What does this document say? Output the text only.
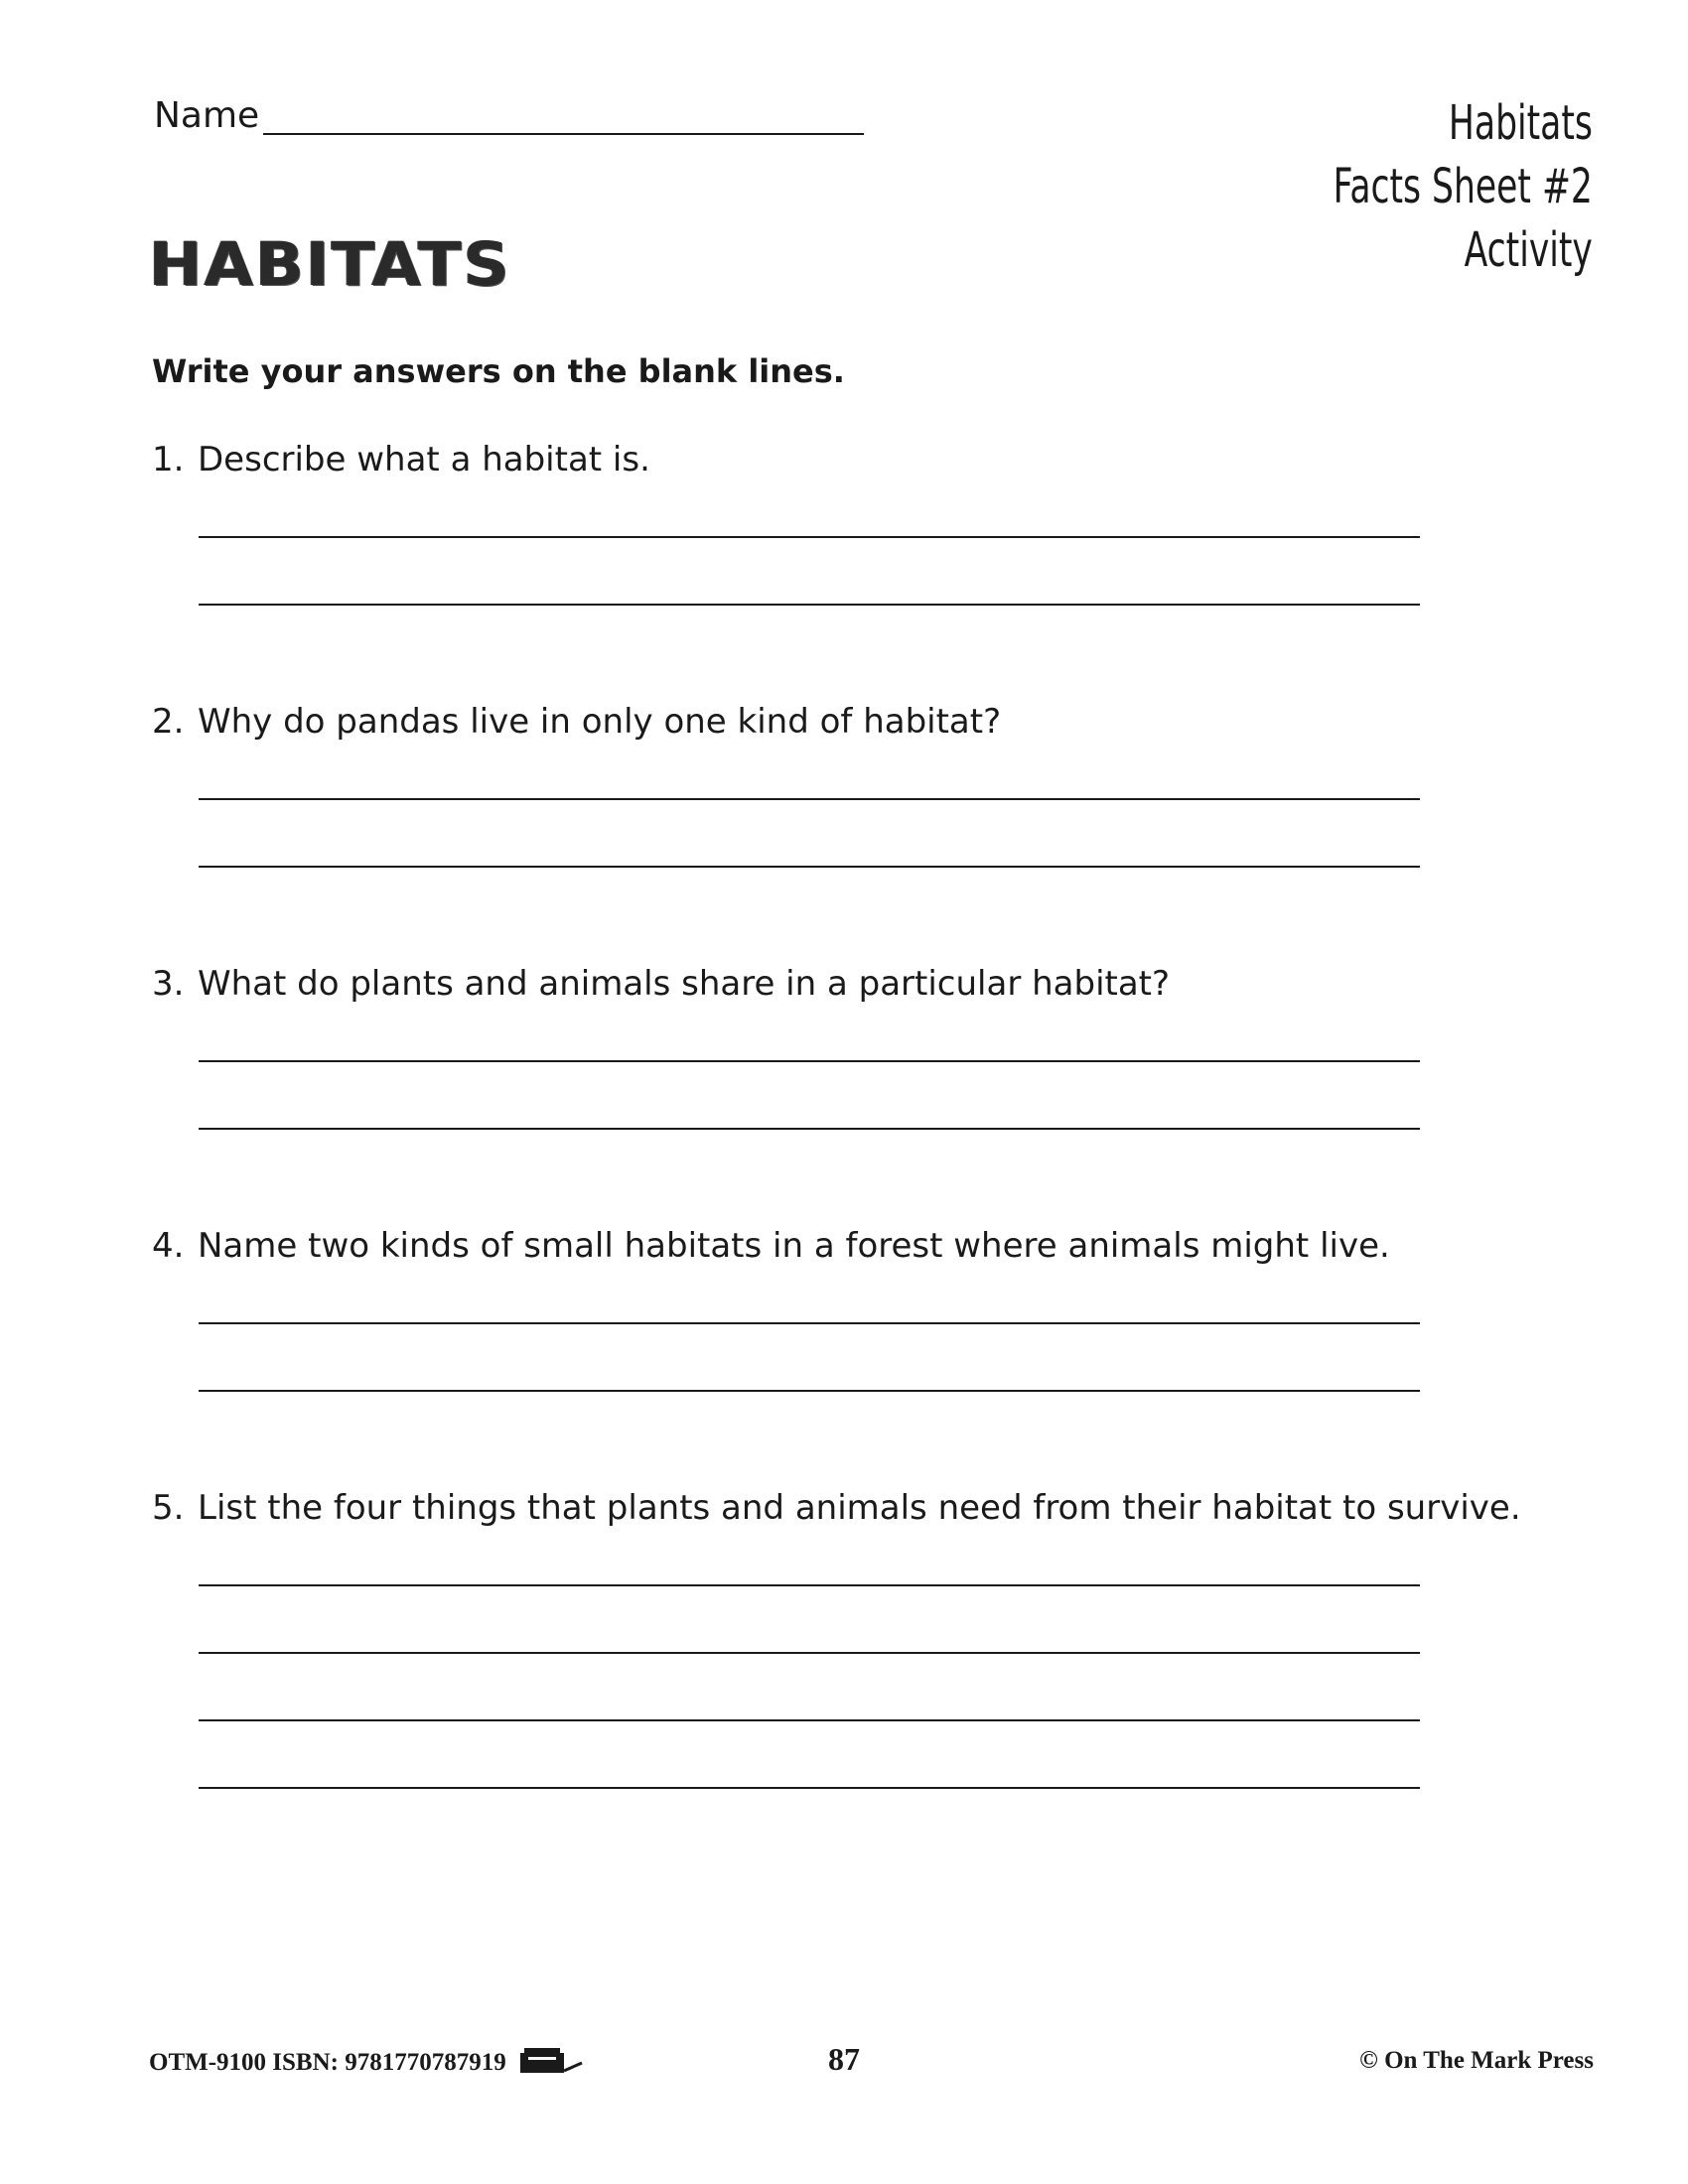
Name	Habitats
Facts Sheet #2
Activity
HABITATS
Write your answers on the blank lines.
1. Describe what a habitat is.
2. Why do pandas live in only one kind of habitat?
3. What do plants and animals share in a particular habitat?
4. Name two kinds of small habitats in a forest where animals might live.
5. List the four things that plants and animals need from their habitat to survive.
OTM-9100 ISBN: 9781770787919	87	© On The Mark Press
